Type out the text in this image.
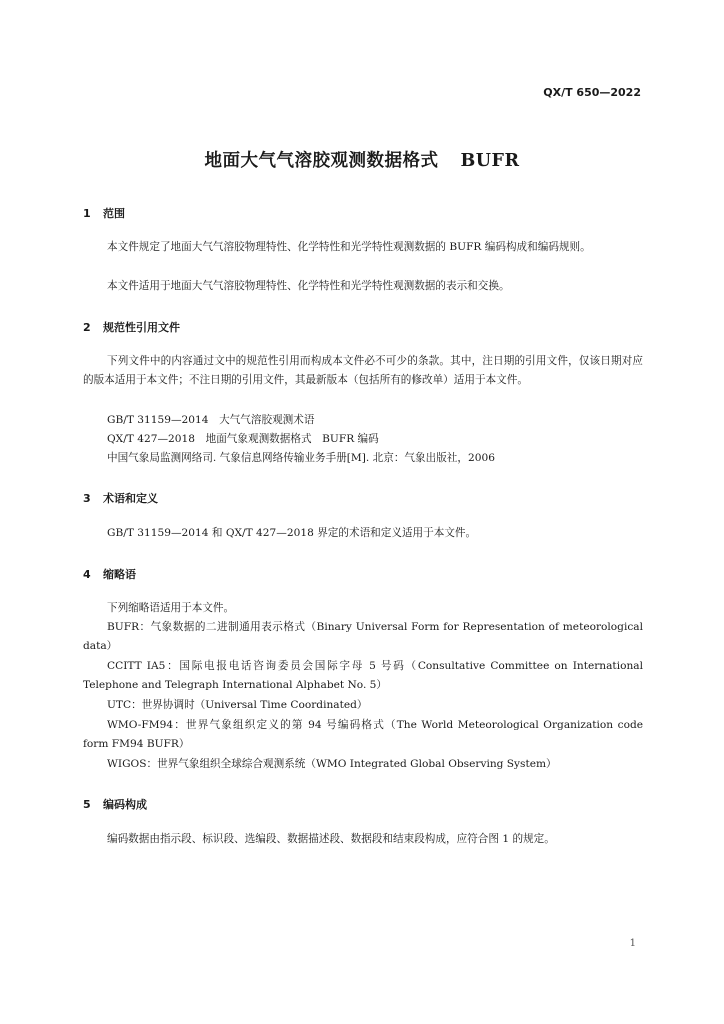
QX/T 650—2022
地面大气气溶胶观测数据格式 BUFR
1 范围
本文件规定了地面大气气溶胶物理特性、化学特性和光学特性观测数据的 BUFR 编码构成和编码规则。
本文件适用于地面大气气溶胶物理特性、化学特性和光学特性观测数据的表示和交换。
2 规范性引用文件
下列文件中的内容通过文中的规范性引用而构成本文件必不可少的条款。其中，注日期的引用文件，仅该日期对应的版本适用于本文件；不注日期的引用文件，其最新版本（包括所有的修改单）适用于本文件。
GB/T 31159—2014　大气气溶胶观测术语
QX/T 427—2018　地面气象观测数据格式　BUFR 编码
中国气象局监测网络司. 气象信息网络传输业务手册[M]. 北京：气象出版社，2006
3 术语和定义
GB/T 31159—2014 和 QX/T 427—2018 界定的术语和定义适用于本文件。
4 缩略语
下列缩略语适用于本文件。
BUFR：气象数据的二进制通用表示格式（Binary Universal Form for Representation of meteorological data）
CCITT IA5：国际电报电话咨询委员会国际字母 5 号码（Consultative Committee on International Telephone and Telegraph International Alphabet No. 5）
UTC：世界协调时（Universal Time Coordinated）
WMO-FM94：世界气象组织定义的第 94 号编码格式（The World Meteorological Organization code form FM94 BUFR）
WIGOS：世界气象组织全球综合观测系统（WMO Integrated Global Observing System）
5 编码构成
编码数据由指示段、标识段、选编段、数据描述段、数据段和结束段构成，应符合图 1 的规定。
1
